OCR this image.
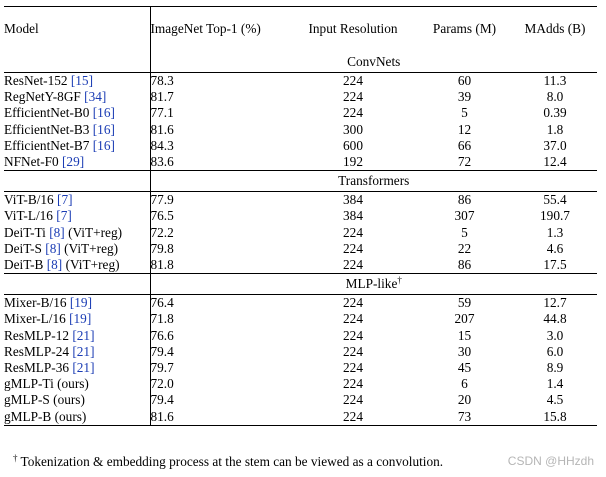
Model	ImageNet Top-1 (%)	Input Resolution	Params (M)	MAdds (B)
	ConvNets			
ResNet-152 [15]	78.3	224	60	11.3
RegNetY-8GF [34]	81.7	224	39	8.0
EfficientNet-B0 [16]	77.1	224	5	0.39
EfficientNet-B3 [16]	81.6	300	12	1.8
EfficientNet-B7 [16]	84.3	600	66	37.0
NFNet-F0 [29]	83.6	192	72	12.4
	Transformers			
ViT-B/16 [7]	77.9	384	86	55.4
ViT-L/16 [7]	76.5	384	307	190.7
DeiT-Ti [8] (ViT+reg)	72.2	224	5	1.3
DeiT-S [8] (ViT+reg)	79.8	224	22	4.6
DeiT-B [8] (ViT+reg)	81.8	224	86	17.5
	MLP-like†
Mixer-B/16 [19]	76.4	224	59	12.7
Mixer-L/16 [19]	71.8	224	207	44.8
ResMLP-12 [21]	76.6	224	15	3.0
ResMLP-24 [21]	79.4	224	30	6.0
ResMLP-36 [21]	79.7	224	45	8.9
gMLP-Ti (ours)	72.0	224	6	1.4
gMLP-S (ours)	79.4	224	20	4.5
gMLP-B (ours)	81.6	224	73	15.8
† Tokenization & embedding process at the stem can be viewed as a convolution.	CSDN @HHzdh
